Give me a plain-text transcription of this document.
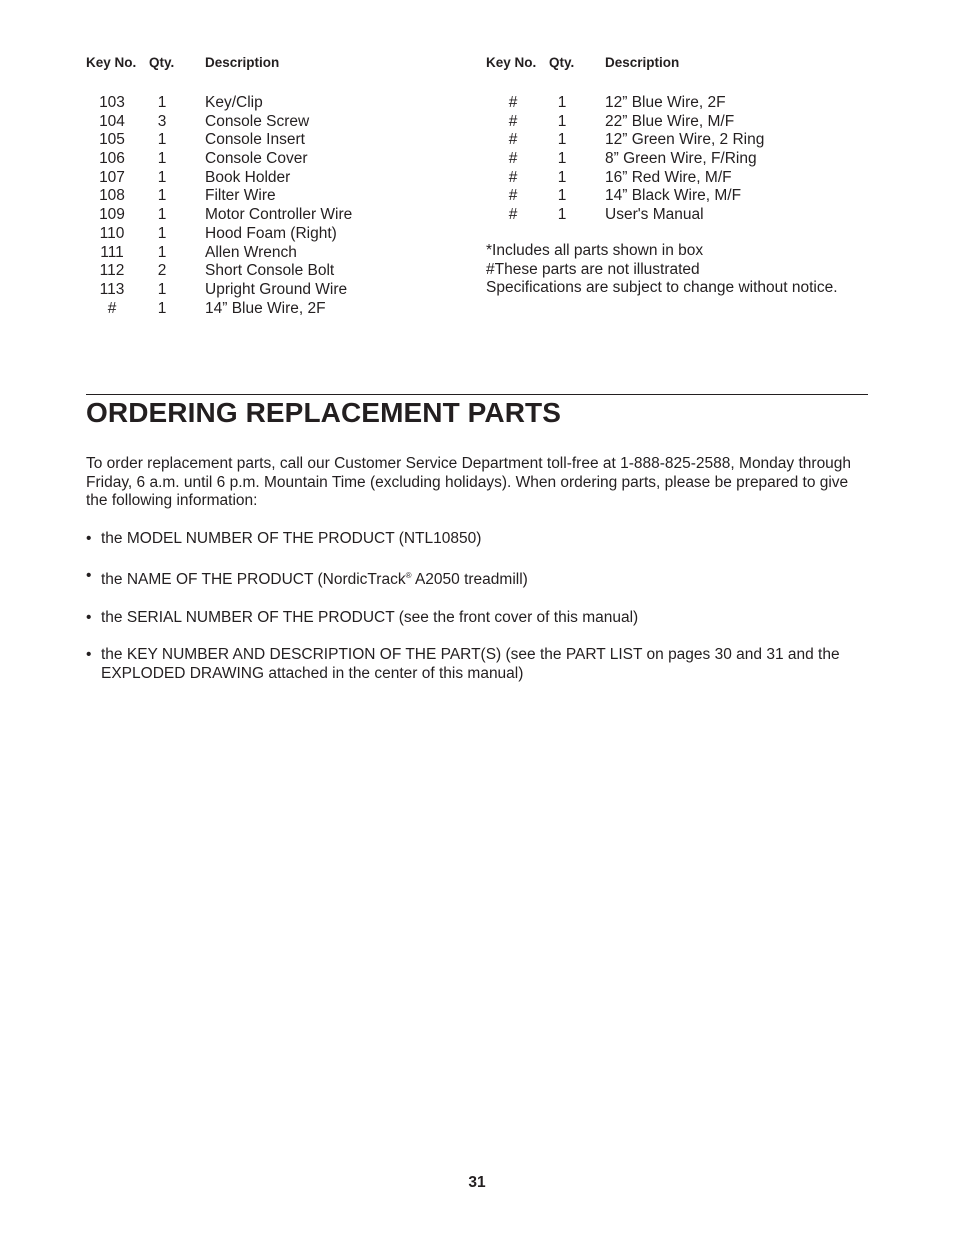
Key No. Qty. Description
103	1 Key/Clip
104	3 Console Screw
105	1 Console Insert
106	1 Console Cover
107	1 Book Holder
108	1 Filter Wire
109	1 Motor Controller Wire
110	1 Hood Foam (Right)
111	1 Allen Wrench
112	2 Short Console Bolt
113	1 Upright Ground Wire
#	1 14” Blue Wire, 2F
Key No. Qty. Description
#	1 12” Blue Wire, 2F
#	1 22” Blue Wire, M/F
#	1 12” Green Wire, 2 Ring
#	1 8” Green Wire, F/Ring
#	1 16” Red Wire, M/F
#	1 14” Black Wire, M/F
#	1 User's Manual
*Includes all parts shown in box
#These parts are not illustrated
Specifications are subject to change without notice.
ORDERING REPLACEMENT PARTS

To order replacement parts, call our Customer Service Department toll-free at 1-888-825-2588, Monday through Friday, 6 a.m. until 6 p.m. Mountain Time (excluding holidays). When ordering parts, please be prepared to give the following information:

• the MODEL NUMBER OF THE PRODUCT (NTL10850)
• the NAME OF THE PRODUCT (NordicTrack® A2050 treadmill)
• the SERIAL NUMBER OF THE PRODUCT (see the front cover of this manual)
• the KEY NUMBER AND DESCRIPTION OF THE PART(S) (see the PART LIST on pages 30 and 31 and the EXPLODED DRAWING attached in the center of this manual)
31
